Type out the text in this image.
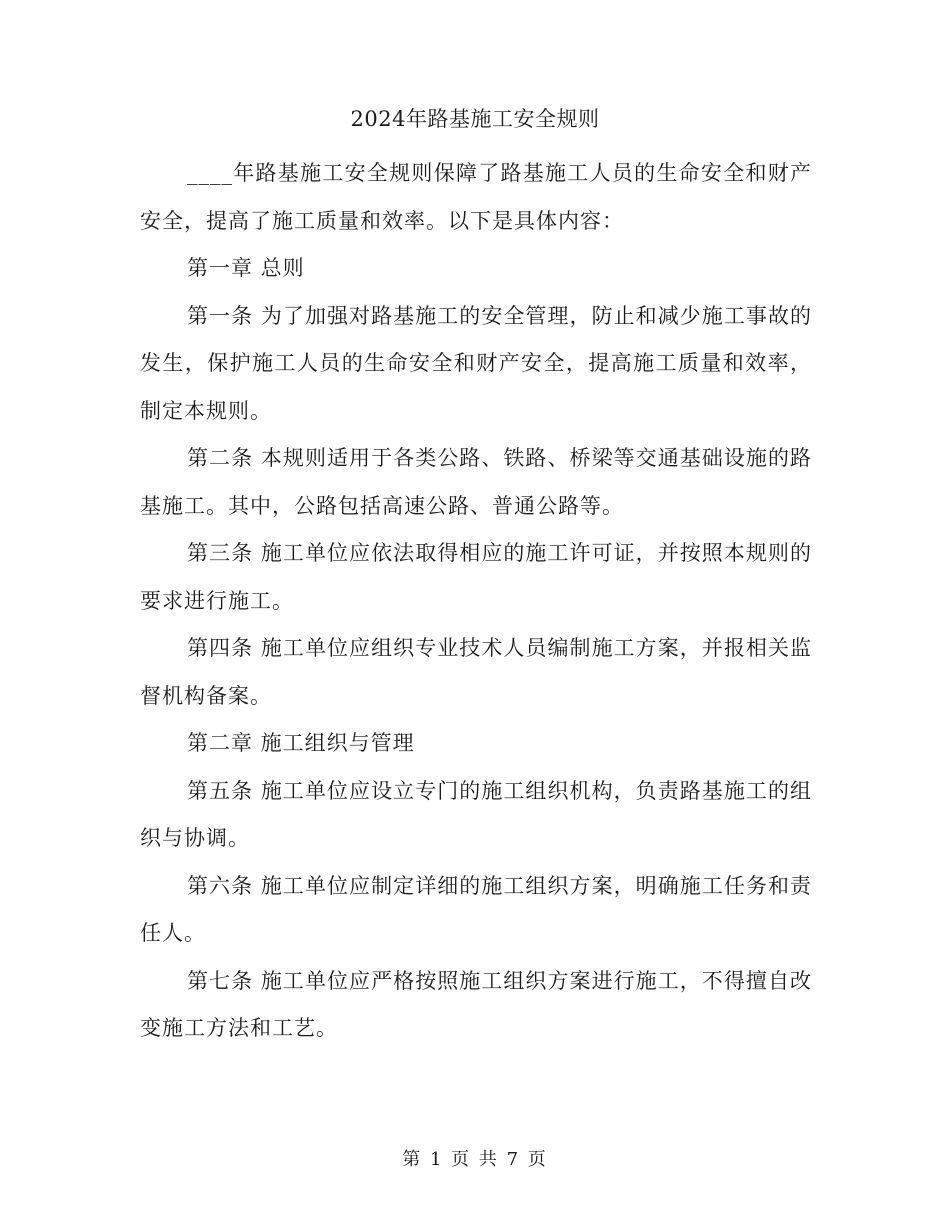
2024年路基施工安全规则

____年路基施工安全规则保障了路基施工人员的生命安全和财产安全，提高了施工质量和效率。以下是具体内容：

第一章 总则

第一条 为了加强对路基施工的安全管理，防止和减少施工事故的发生，保护施工人员的生命安全和财产安全，提高施工质量和效率，制定本规则。

第二条 本规则适用于各类公路、铁路、桥梁等交通基础设施的路基施工。其中，公路包括高速公路、普通公路等。

第三条 施工单位应依法取得相应的施工许可证，并按照本规则的要求进行施工。

第四条 施工单位应组织专业技术人员编制施工方案，并报相关监督机构备案。

第二章 施工组织与管理

第五条 施工单位应设立专门的施工组织机构，负责路基施工的组织与协调。

第六条 施工单位应制定详细的施工组织方案，明确施工任务和责任人。

第七条 施工单位应严格按照施工组织方案进行施工，不得擅自改变施工方法和工艺。

第 1 页 共 7 页
